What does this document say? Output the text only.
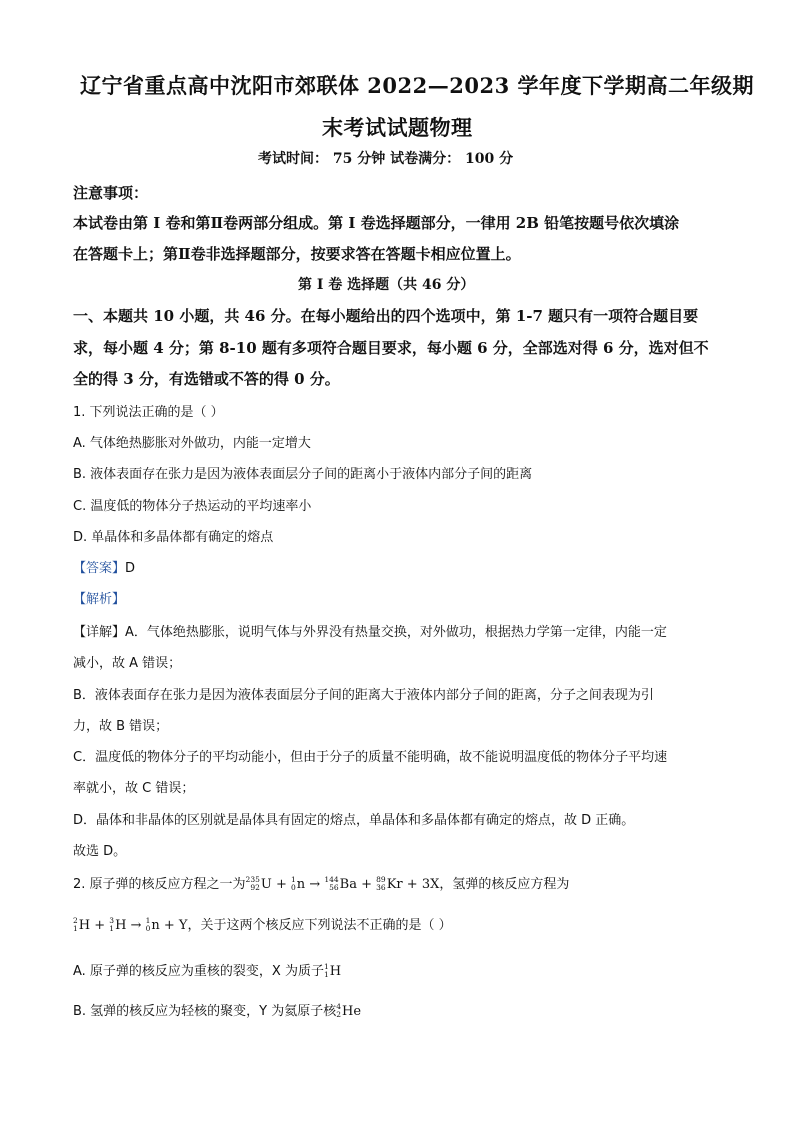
辽宁省重点高中沈阳市郊联体 2022—2023 学年度下学期高二年级期
末考试试题物理
考试时间： 75 分钟 试卷满分： 100 分
注意事项：
本试卷由第 I 卷和第Ⅱ卷两部分组成。第 I 卷选择题部分，一律用 2B 铅笔按题号依次填涂
在答题卡上；第Ⅱ卷非选择题部分，按要求答在答题卡相应位置上。
第 I 卷 选择题（共 46 分）
一、本题共 10 小题，共 46 分。在每小题给出的四个选项中，第 1-7 题只有一项符合题目要
求，每小题 4 分；第 8-10 题有多项符合题目要求，每小题 6 分，全部选对得 6 分，选对但不
全的得 3 分，有选错或不答的得 0 分。
1. 下列说法正确的是（ ）
A. 气体绝热膨胀对外做功，内能一定增大
B. 液体表面存在张力是因为液体表面层分子间的距离小于液体内部分子间的距离
C. 温度低的物体分子热运动的平均速率小
D. 单晶体和多晶体都有确定的熔点
【答案】D
【解析】
【详解】A．气体绝热膨胀，说明气体与外界没有热量交换，对外做功，根据热力学第一定律，内能一定
减小，故 A 错误；
B．液体表面存在张力是因为液体表面层分子间的距离大于液体内部分子间的距离，分子之间表现为引
力，故 B 错误；
C．温度低的物体分子的平均动能小，但由于分子的质量不能明确，故不能说明温度低的物体分子平均速
率就小，故 C 错误；
D．晶体和非晶体的区别就是晶体具有固定的熔点，单晶体和多晶体都有确定的熔点，故 D 正确。
故选 D。
2. 原子弹的核反应方程之一为 235
92 U + 1
0 n → 144
56 Ba + 89
36 Kr + 3X，氢弹的核反应方程为
2
1 H + 3
1 H → 1
0 n + Y，关于这两个核反应下列说法不正确的是（ ）
A. 原子弹的核反应为重核的裂变，X 为质子 1
1 H
B. 氢弹的核反应为轻核的聚变，Y 为氦原子核 4
2 He
